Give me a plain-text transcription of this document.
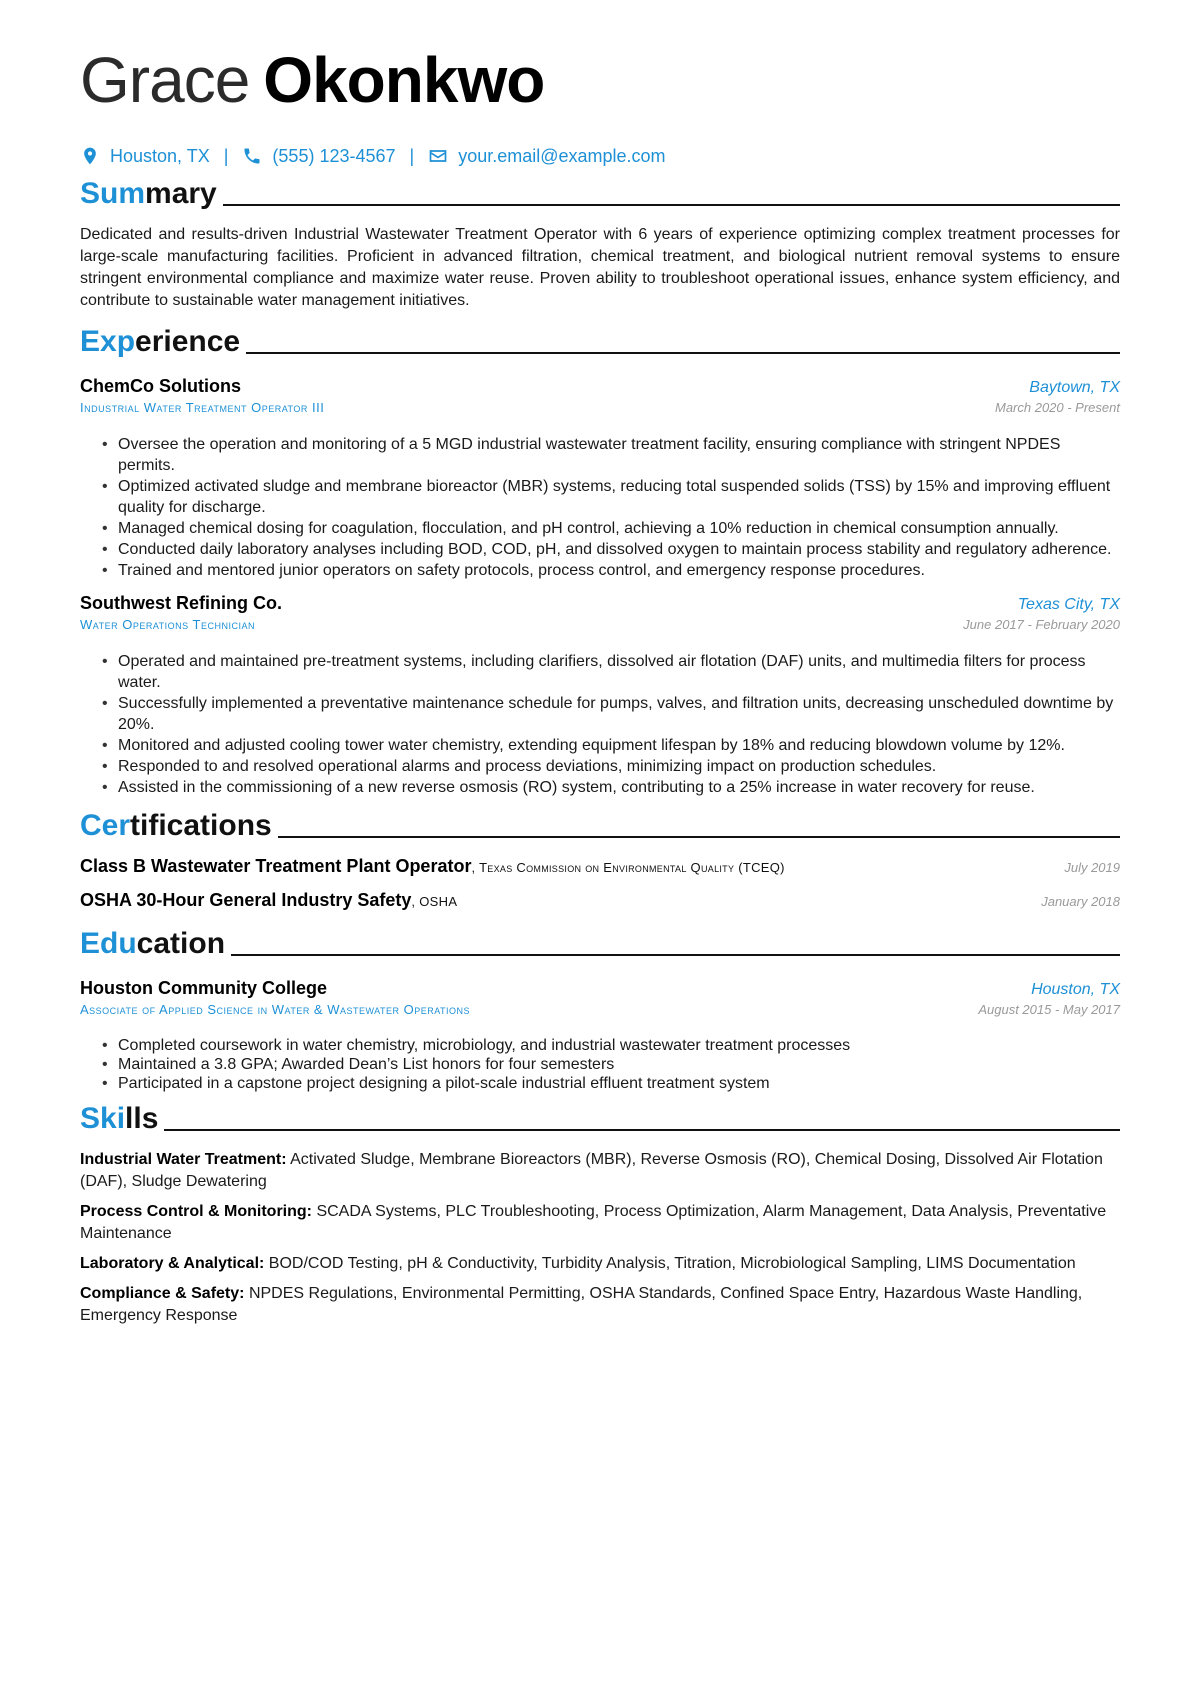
Grace Okonkwo
Houston, TX | (555) 123-4567 | your.email@example.com
Summary
Dedicated and results-driven Industrial Wastewater Treatment Operator with 6 years of experience optimizing complex treatment processes for large-scale manufacturing facilities. Proficient in advanced filtration, chemical treatment, and biological nutrient removal systems to ensure stringent environmental compliance and maximize water reuse. Proven ability to troubleshoot operational issues, enhance system efficiency, and contribute to sustainable water management initiatives.
Experience
ChemCo Solutions	Baytown, TX
Industrial Water Treatment Operator III	March 2020 - Present
• Oversee the operation and monitoring of a 5 MGD industrial wastewater treatment facility, ensuring compliance with stringent NPDES permits.
• Optimized activated sludge and membrane bioreactor (MBR) systems, reducing total suspended solids (TSS) by 15% and improving effluent quality for discharge.
• Managed chemical dosing for coagulation, flocculation, and pH control, achieving a 10% reduction in chemical consumption annually.
• Conducted daily laboratory analyses including BOD, COD, pH, and dissolved oxygen to maintain process stability and regulatory adherence.
• Trained and mentored junior operators on safety protocols, process control, and emergency response procedures.
Southwest Refining Co.	Texas City, TX
Water Operations Technician	June 2017 - February 2020
• Operated and maintained pre-treatment systems, including clarifiers, dissolved air flotation (DAF) units, and multimedia filters for process water.
• Successfully implemented a preventative maintenance schedule for pumps, valves, and filtration units, decreasing unscheduled downtime by 20%.
• Monitored and adjusted cooling tower water chemistry, extending equipment lifespan by 18% and reducing blowdown volume by 12%.
• Responded to and resolved operational alarms and process deviations, minimizing impact on production schedules.
• Assisted in the commissioning of a new reverse osmosis (RO) system, contributing to a 25% increase in water recovery for reuse.
Certifications
Class B Wastewater Treatment Plant Operator, Texas Commission on Environmental Quality (TCEQ)	July 2019
OSHA 30-Hour General Industry Safety, OSHA	January 2018
Education
Houston Community College	Houston, TX
Associate of Applied Science in Water & Wastewater Operations	August 2015 - May 2017
• Completed coursework in water chemistry, microbiology, and industrial wastewater treatment processes
• Maintained a 3.8 GPA; Awarded Dean’s List honors for four semesters
• Participated in a capstone project designing a pilot-scale industrial effluent treatment system
Skills
Industrial Water Treatment: Activated Sludge, Membrane Bioreactors (MBR), Reverse Osmosis (RO), Chemical Dosing, Dissolved Air Flotation (DAF), Sludge Dewatering
Process Control & Monitoring: SCADA Systems, PLC Troubleshooting, Process Optimization, Alarm Management, Data Analysis, Preventative Maintenance
Laboratory & Analytical: BOD/COD Testing, pH & Conductivity, Turbidity Analysis, Titration, Microbiological Sampling, LIMS Documentation
Compliance & Safety: NPDES Regulations, Environmental Permitting, OSHA Standards, Confined Space Entry, Hazardous Waste Handling, Emergency Response
